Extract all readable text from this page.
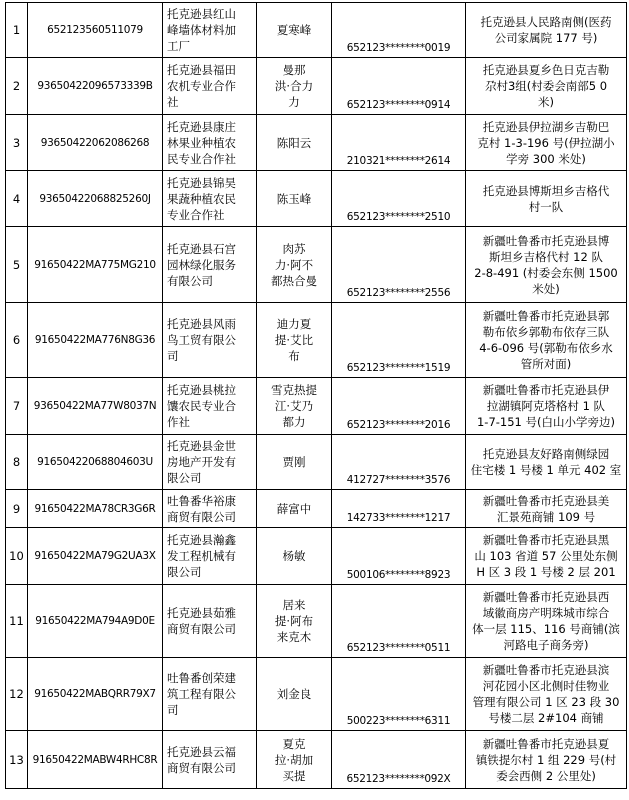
1	652123560511079	托克逊县红山
峰墙体材料加
工厂	夏寒峰	652123********0019	托克逊县人民路南侧(医药
公司家属院 177 号)
2	93650422096573339B	托克逊县福田
农机专业合作
社	曼那
洪·合力
力	652123********0914	托克逊县夏乡色日克吉勒
尕村3组(村委会南部5 0
米)
3	93650422062086268	托克逊县康庄
林果业种植农
民专业合作社	陈阳云	210321********2614	托克逊县伊拉湖乡吉勒巴
克村 1-3-196 号(伊拉湖小
学旁 300 米处)
4	93650422068825260J	托克逊县锦昊
果蔬种植农民
专业合作社	陈玉峰	652123********2510	托克逊县博斯坦乡吉格代
村一队
5	91650422MA775MG210	托克逊县石宫
园林绿化服务
有限公司	肉苏
力·阿不
都热合曼	652123********2556	新疆吐鲁番市托克逊县博
斯坦乡吉格代村 12 队
2-8-491 (村委会东侧 1500
米处)
6	91650422MA776N8G36	托克逊县风雨
鸟工贸有限公
司	迪力夏
提·艾比
布	652123********1519	新疆吐鲁番市托克逊县郭
勒布依乡郭勒布依存三队
4-6-096 号(郭勒布依乡水
管所对面)
7	93650422MA77W8037N	托克逊县桃拉
馕农民专业合
作社	雪克热提
江·艾乃
都力	652123********2016	新疆吐鲁番市托克逊县伊
拉湖镇阿克塔格村 1 队
1-7-151 号(白山小学旁边)
8	91650422068804603U	托克逊县金世
房地产开发有
限公司	贾刚	412727********3576	托克逊县友好路南侧绿园
住宅楼 1 号楼 1 单元 402 室
9	91650422MA78CR3G6R	吐鲁番华裕康
商贸有限公司	薛富中	142733********1217	新疆吐鲁番市托克逊县美
汇景苑商铺 109 号
10	91650422MA79G2UA3X	托克逊县瀚鑫
发工程机械有
限公司	杨敏	500106********8923	新疆吐鲁番市托克逊县黑
山 103 省道 57 公里处东侧
H 区 3 段 1 号楼 2 层 201
11	91650422MA794A9D0E	托克逊县茹雅
商贸有限公司	居来
提·阿布
来克木	652123********0511	新疆吐鲁番市托克逊县西
域徽商房产明珠城市综合
体一层 115、116 号商铺(滨
河路电子商务旁)
12	91650422MABQRR79X7	吐鲁番创荣建
筑工程有限公
司	刘金良	500223********6311	新疆吐鲁番市托克逊县滨
河花园小区北侧时佳物业
管理有限公司 1 区 23 段 30
号楼二层 2#104 商铺
13	91650422MABW4RHC8R	托克逊县云福
商贸有限公司	夏克
拉·胡加
买提	652123********092X	新疆吐鲁番市托克逊县夏
镇铁提尔村 1 组 229 号(村
委会西侧 2 公里处)
